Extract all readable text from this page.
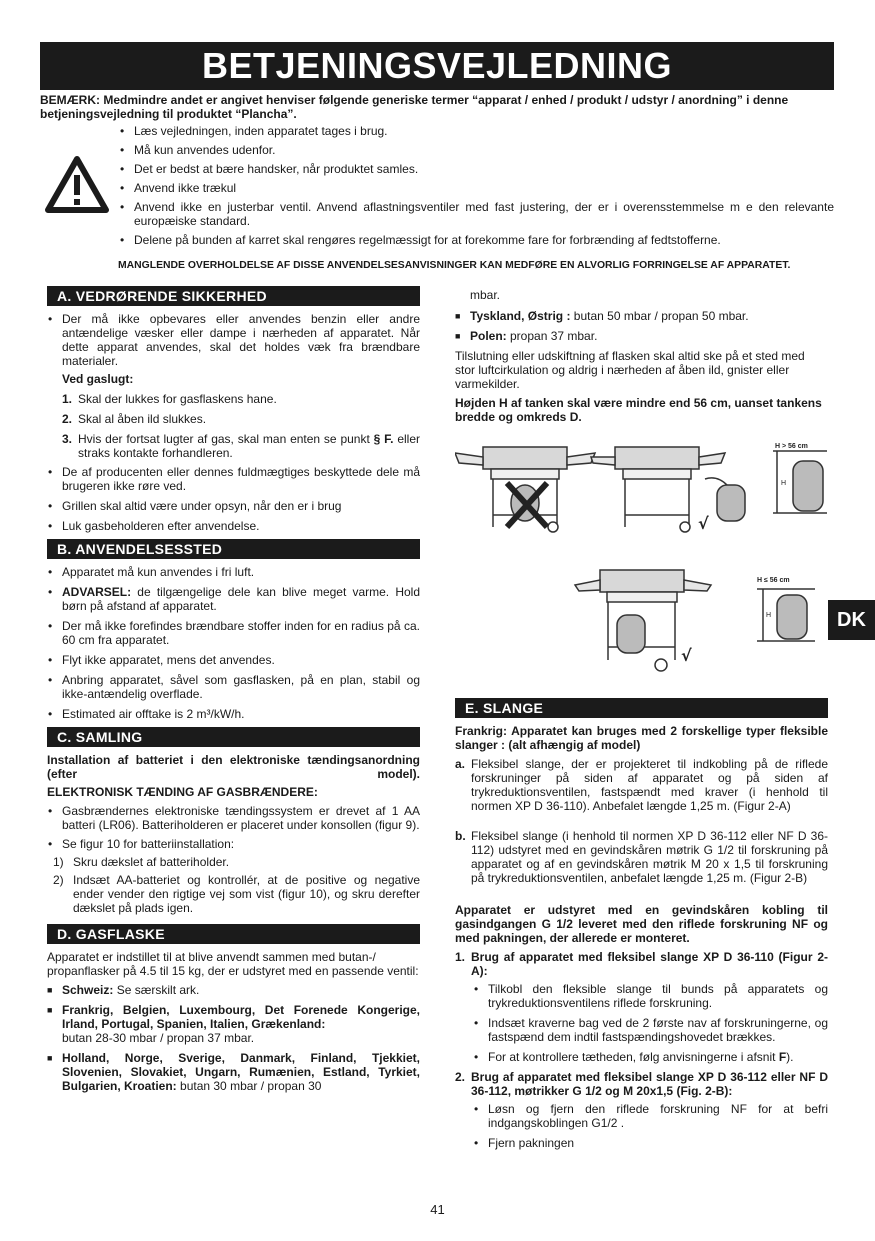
BETJENINGSVEJLEDNING
BEMÆRK: Medmindre andet er angivet henviser følgende generiske termer “apparat / enhed / produkt / udstyr / anordning” i denne betjeningsvejledning til produktet “Plancha”.
• Læs vejledningen, inden apparatet tages i brug.
• Må kun anvendes udenfor.
• Det er bedst at bære handsker, når produktet samles.
• Anvend ikke trækul
• Anvend ikke en justerbar ventil. Anvend aflastningsventiler med fast justering, der er i overensstemmelse m e den relevante europæiske standard.
• Delene på bunden af karret skal rengøres regelmæssigt for at forekomme fare for forbrænding af fedtstofferne.
MANGLENDE OVERHOLDELSE AF DISSE ANVENDELSESANVISNINGER KAN MEDFØRE EN ALVORLIG FORRINGELSE AF APPARATET.
A. VEDRØRENDE SIKKERHED
• Der må ikke opbevares eller anvendes benzin eller andre antændelige væsker eller dampe i nærheden af apparatet. Når dette apparat anvendes, skal det holdes væk fra brændbare materialer.
Ved gaslugt:
1. Skal der lukkes for gasflaskens hane.
2. Skal al åben ild slukkes.
3. Hvis der fortsat lugter af gas, skal man enten se punkt § F. eller straks kontakte forhandleren.
• De af producenten eller dennes fuldmægtiges beskyttede dele må brugeren ikke røre ved.
• Grillen skal altid være under opsyn, når den er i brug
• Luk gasbeholderen efter anvendelse.
B. ANVENDELSESSTED
• Apparatet må kun anvendes i fri luft.
• ADVARSEL: de tilgængelige dele kan blive meget varme. Hold børn på afstand af apparatet.
• Der må ikke forefindes brændbare stoffer inden for en radius på ca. 60 cm fra apparatet.
• Flyt ikke apparatet, mens det anvendes.
• Anbring apparatet, såvel som gasflasken, på en plan, stabil og ikke-antændelig overflade.
• Estimated air offtake is 2 m³/kW/h.
C. SAMLING

Installation af batteriet i den elektroniske tændingsanordning (efter model).

ELEKTRONISK TÆNDING AF GASBRÆNDERE:
• Gasbrændernes elektroniske tændingssystem er drevet af 1 AA batteri (LR06). Batteriholderen er placeret under konsollen (figur 9).
• Se figur 10 for batteriinstallation:
1) Skru dækslet af batteriholder.
2) Indsæt AA-batteriet og kontrollér, at de positive og negative ender vender den rigtige vej som vist (figur 10), og skru derefter dækslet på plads igen.
D. GASFLASKE

Apparatet er indstillet til at blive anvendt sammen med butan-/ propanflasker på 4.5 til 15 kg, der er udstyret med en passende ventil:

■ Schweiz: Se særskilt ark.
■ Frankrig, Belgien, Luxembourg, Det Forenede Kongerige, Irland, Portugal, Spanien, Italien, Grækenland:
butan 28-30 mbar / propan 37 mbar.
■ Holland, Norge, Sverige, Danmark, Finland, Tjekkiet, Slovenien, Slovakiet, Ungarn, Rumænien, Estland, Tyrkiet, Bulgarien, Kroatien: butan 30 mbar / propan 30
mbar.
■ Tyskland, Østrig : butan 50 mbar / propan 50 mbar.
■ Polen: propan 37 mbar.

Tilslutning eller udskiftning af flasken skal altid ske på et sted med stor luftcirkulation og aldrig i nærheden af åben ild, gnister eller varmekilder.

Højden H af tanken skal være mindre end 56 cm, uanset tankens bredde og omkreds D.

H > 56 cm
H
H ≤ 56 cm
H
√
√
DK
E. SLANGE

Frankrig: Apparatet kan bruges med 2 forskellige typer fleksible slanger : (alt afhængig af model)

a. Fleksibel slange, der er projekteret til indkobling på de riflede forskruninger på siden af apparatet og på siden af trykreduktionsventilen, fastspændt med kraver (i henhold til normen XP D 36-110). Anbefalet længde 1,25 m. (Figur 2-A)
b. Fleksibel slange (i henhold til normen XP D 36-112 eller NF D 36-112) udstyret med en gevindskåren møtrik G 1/2 til forskruning på apparatet og af en gevindskåren møtrik M 20 x 1,5 til forskruning på trykreduktionsventilen, anbefalet længde 1,25 m. (Figur 2-B)

Apparatet er udstyret med en gevindskåren kobling til gasindgangen G 1/2 leveret med den riflede forskruning NF og med pakningen, der allerede er monteret.

1. Brug af apparatet med fleksibel slange XP D 36-110 (Figur 2-A):
• Tilkobl den fleksible slange til bunds på apparatets og trykreduktionsventilens riflede forskruning.
• Indsæt kraverne bag ved de 2 første nav af forskruningerne, og fastspænd dem indtil fastspændingshovedet brækkes.
• For at kontrollere tætheden, følg anvisningerne i afsnit F).
2. Brug af apparatet med fleksibel slange XP D 36-112 eller NF D 36-112, møtrikker G 1/2 og M 20x1,5 (Fig. 2-B):
• Løsn og fjern den riflede forskruning NF for at befri indgangskoblingen G1/2 .
• Fjern pakningen
41
